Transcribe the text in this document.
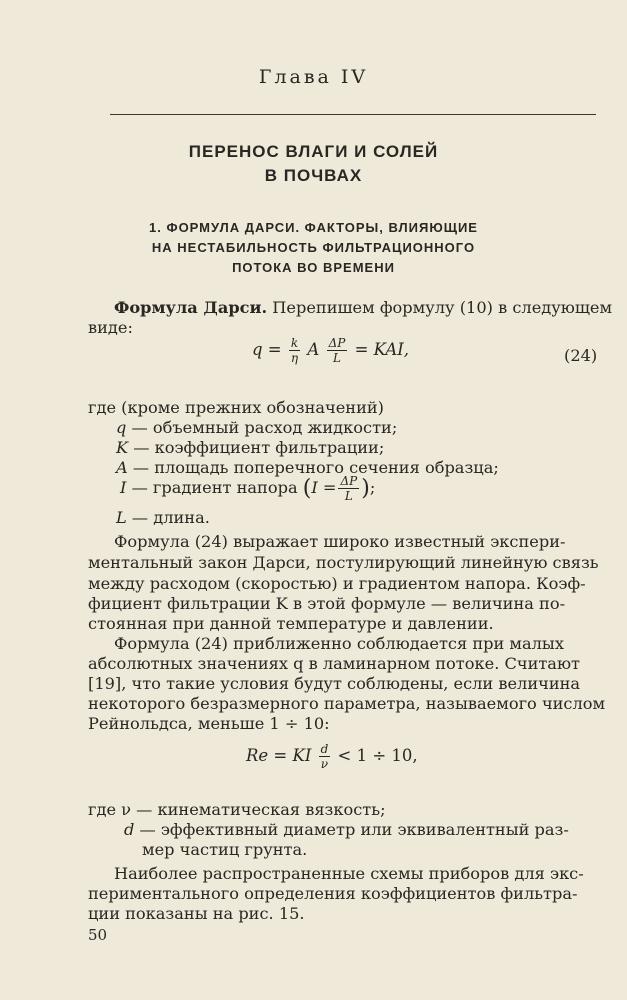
Глава IV
ПЕРЕНОС ВЛАГИ И СОЛЕЙ
В ПОЧВАХ
1. ФОРМУЛА ДАРСИ. ФАКТОРЫ, ВЛИЯЮЩИЕ
НА НЕСТАБИЛЬНОСТЬ ФИЛЬТРАЦИОННОГО
ПОТОКА ВО ВРЕМЕНИ
Формула Дарси. Перепишем формулу (10) в следующем
виде:
$q = \frac{k}{\eta}$ A $\frac{\Delta P}{L}$ = KAI,	(24)
где (кроме прежних обозначений)
q — объемный расход жидкости;
K — коэффициент фильтрации;
A — площадь поперечного сечения образца;
I — градиент напора ($I = \frac{\Delta P}{L}$ );
L — длина.
Формула (24) выражает широко известный экспери-
ментальный закон Дарси, постулирующий линейную связь
между расходом (скоростью) и градиентом напора. Коэф-
фициент фильтрации K в этой формуле — величина по-
стоянная при данной температуре и давлении.
Формула (24) приближенно соблюдается при малых
абсолютных значениях q в ламинарном потоке. Считают
[19], что такие условия будут соблюдены, если величина
некоторого безразмерного параметра, называемого числом
Рейнольдса, меньше 1 ÷ 10:
Re = KI $\frac{d}{\nu} < 1 \div 10$,
где ν — кинематическая вязкость;
d — эффективный диаметр или эквивалентный раз-
мер частиц грунта.
Наиболее распространенные схемы приборов для экс-
периментального определения коэффициентов фильтра-
ции показаны на рис. 15.
50
